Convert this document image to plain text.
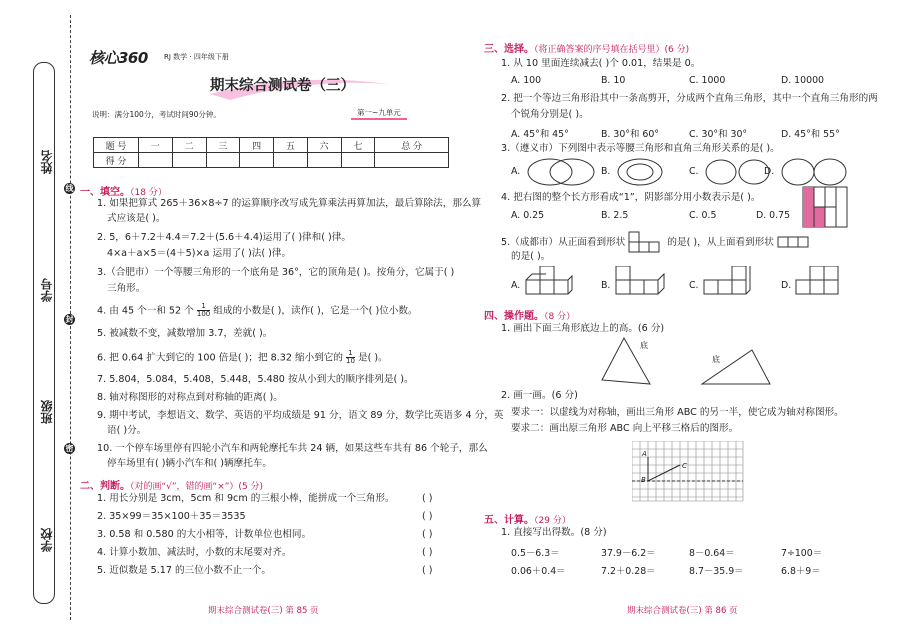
姓名
学号
班级
学校
线
封
密
核心360 RJ 数学 · 四年级下册
期末综合测试卷（三）
说明：满分100分，考试时间90分钟。	第一~九单元
题 号	一	二	三	四	五	六	七	总 分
得 分								
一、填空。（18 分）
1. 如果把算式 265＋36×8÷7 的运算顺序改写成先算乘法再算加法，最后算除法，那么算
式应该是( )。
2. 5，6＋7.2＋4.4＝7.2＋(5.6＋4.4)运用了( )律和( )律。
4×a＋a×5＝(4＋5)×a 运用了( )法( )律。
3.（合肥市）一个等腰三角形的一个底角是 36°，它的顶角是( )。按角分，它属于( )
三角形。
4. 由 45 个一和 52 个 $\frac{1}{100}$ 组成的小数是( )，读作( )，它是一个( )位小数。
5. 被减数不变，减数增加 3.7，差就( )。
6. 把 0.64 扩大到它的 100 倍是( )；把 8.32 缩小到它的 $\frac{1}{10}$ 是( )。
7. 5.804，5.084，5.408，5.448，5.480 按从小到大的顺序排列是( )。
8. 轴对称图形的对称点到对称轴的距离( )。
9. 期中考试，李想语文、数学、英语的平均成绩是 91 分，语文 89 分，数学比英语多 4 分，英
语( )分。
10. 一个停车场里停有四轮小汽车和两轮摩托车共 24 辆，如果这些车共有 86 个轮子，那么
停车场里有( )辆小汽车和( )辆摩托车。
二、判断。（对的画“√”，错的画“×”）(5 分)
1. 用长分别是 3cm，5cm 和 9cm 的三根小棒，能拼成一个三角形。	( )
2. 35×99＝35×100＋35＝3535	( )
3. 0.58 和 0.580 的大小相等，计数单位也相同。	( )
4. 计算小数加、减法时，小数的末尾要对齐。	( )
5. 近似数是 5.17 的三位小数不止一个。	( )
期末综合测试卷(三) 第 85 页
三、选择。（将正确答案的序号填在括号里）(6 分)
1. 从 10 里面连续减去( )个 0.01，结果是 0。
A. 100	B. 10	C. 1000	D. 10000
2. 把一个等边三角形沿其中一条高剪开，分成两个直角三角形，其中一个直角三角形的两
个锐角分别是( )。
A. 45°和 45°	B. 30°和 60°	C. 30°和 30°	D. 45°和 55°
3.（遵义市）下列图中表示等腰三角形和直角三角形关系的是( )。
A.	B.	C.	D.
4. 把右图的整个长方形看成“1”，阴影部分用小数表示是( )。
A. 0.25	B. 2.5	C. 0.5	D. 0.75
5.（成都市）从正面看到形状	的是( )，从上面看到形状
的是( )。
A.	B.	C.	D.
四、操作题。（8 分）
1. 画出下面三角形底边上的高。(6 分)
底
底
2. 画一画。(6 分)
要求一：以虚线为对称轴，画出三角形 ABC 的另一半，使它成为轴对称图形。
要求二：画出原三角形 ABC 向上平移三格后的图形。
A
B
C
五、计算。（29 分）
1. 直接写出得数。(8 分)
0.5－6.3＝	37.9－6.2＝	8－0.64＝	7÷100＝
0.06＋0.4＝	7.2＋0.28＝	8.7－35.9＝	6.8＋9＝
期末综合测试卷(三) 第 86 页
